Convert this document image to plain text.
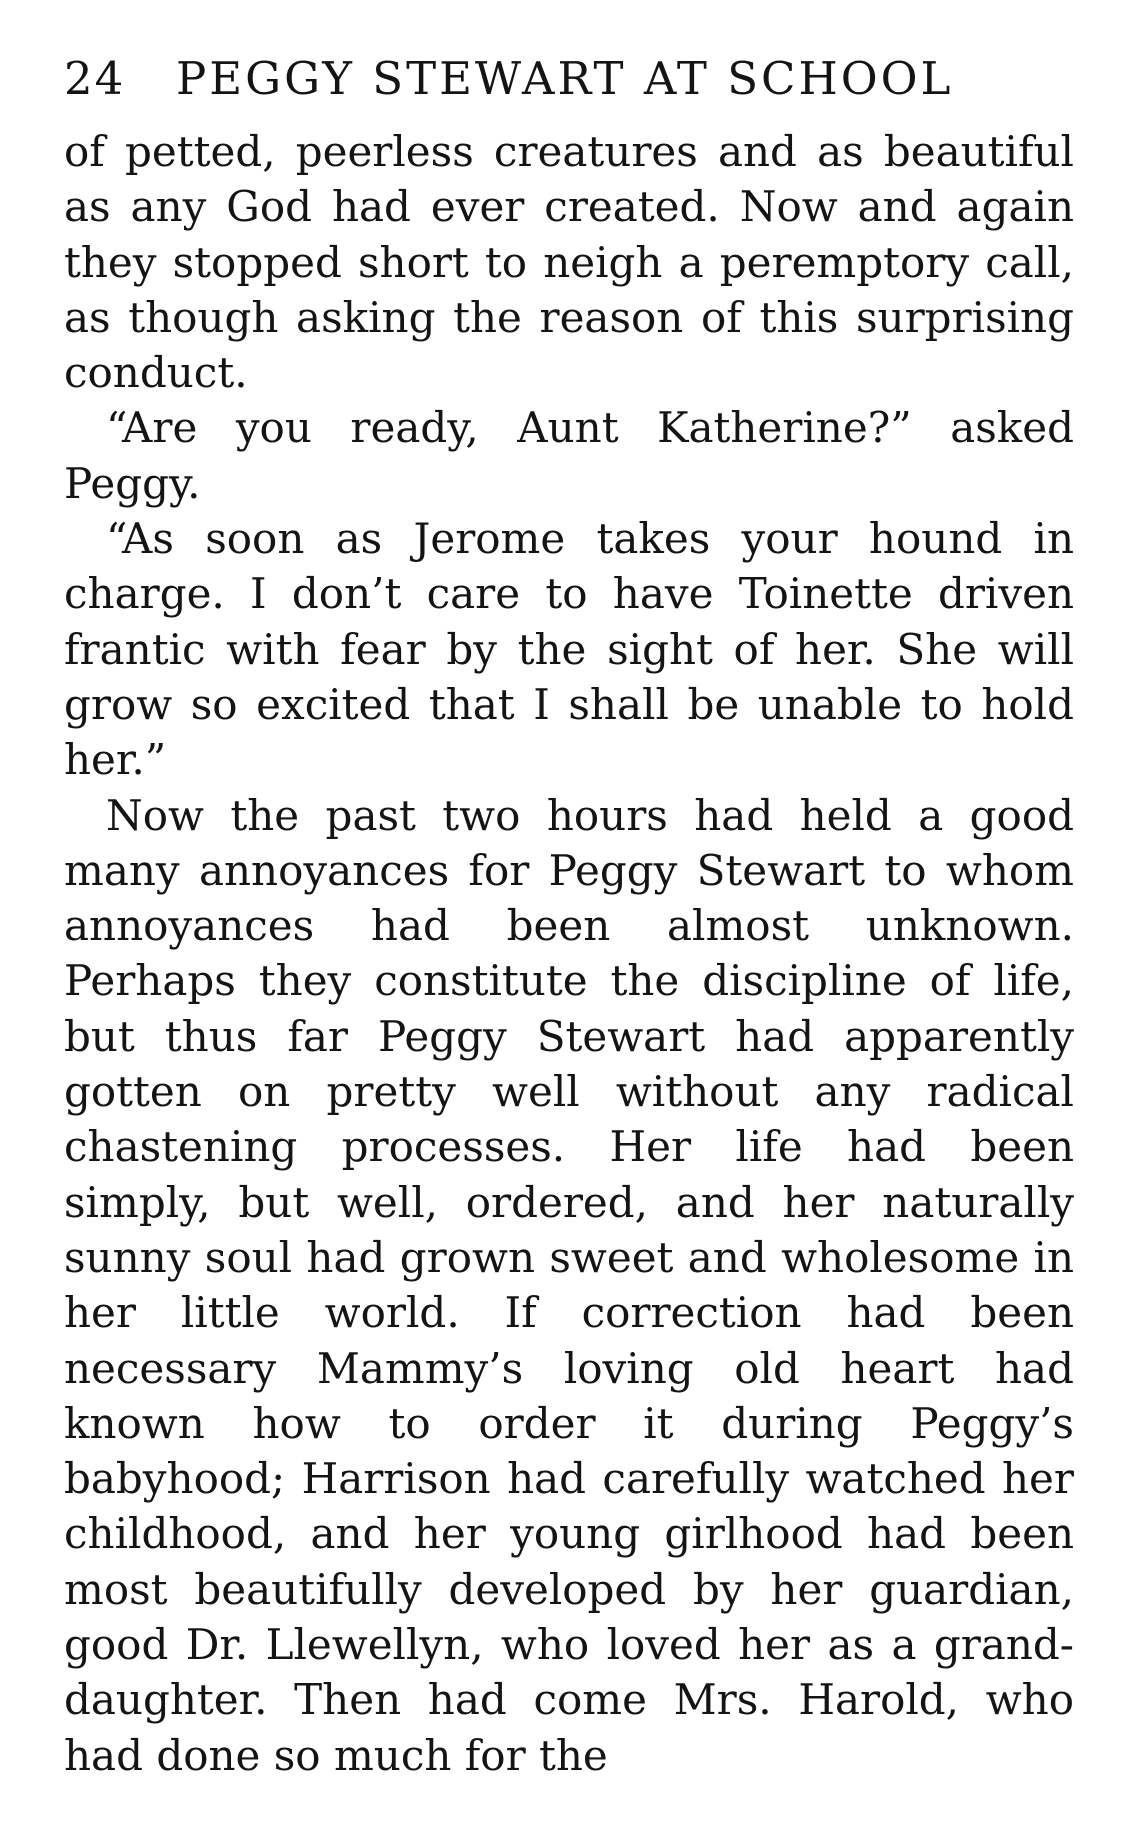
24	PEGGY STEWART AT SCHOOL

of petted, peerless creatures and as beautiful as any God had ever created. Now and again they stopped short to neigh a peremptory call, as though asking the reason of this surprising conduct.

“Are you ready, Aunt Katherine?” asked Peggy.

“As soon as Jerome takes your hound in charge. I don’t care to have Toinette driven frantic with fear by the sight of her. She will grow so excited that I shall be unable to hold her.”

Now the past two hours had held a good many annoyances for Peggy Stewart to whom annoyances had been almost unknown. Perhaps they constitute the discipline of life, but thus far Peggy Stewart had apparently gotten on pretty well without any radical chastening processes. Her life had been simply, but well, ordered, and her naturally sunny soul had grown sweet and wholesome in her little world. If correction had been necessary Mammy’s loving old heart had known how to order it during Peggy’s babyhood; Harrison had carefully watched her childhood, and her young girlhood had been most beautifully developed by her guardian, good Dr. Llewellyn, who loved her as a grand-daughter. Then had come Mrs. Harold, who had done so much for the
